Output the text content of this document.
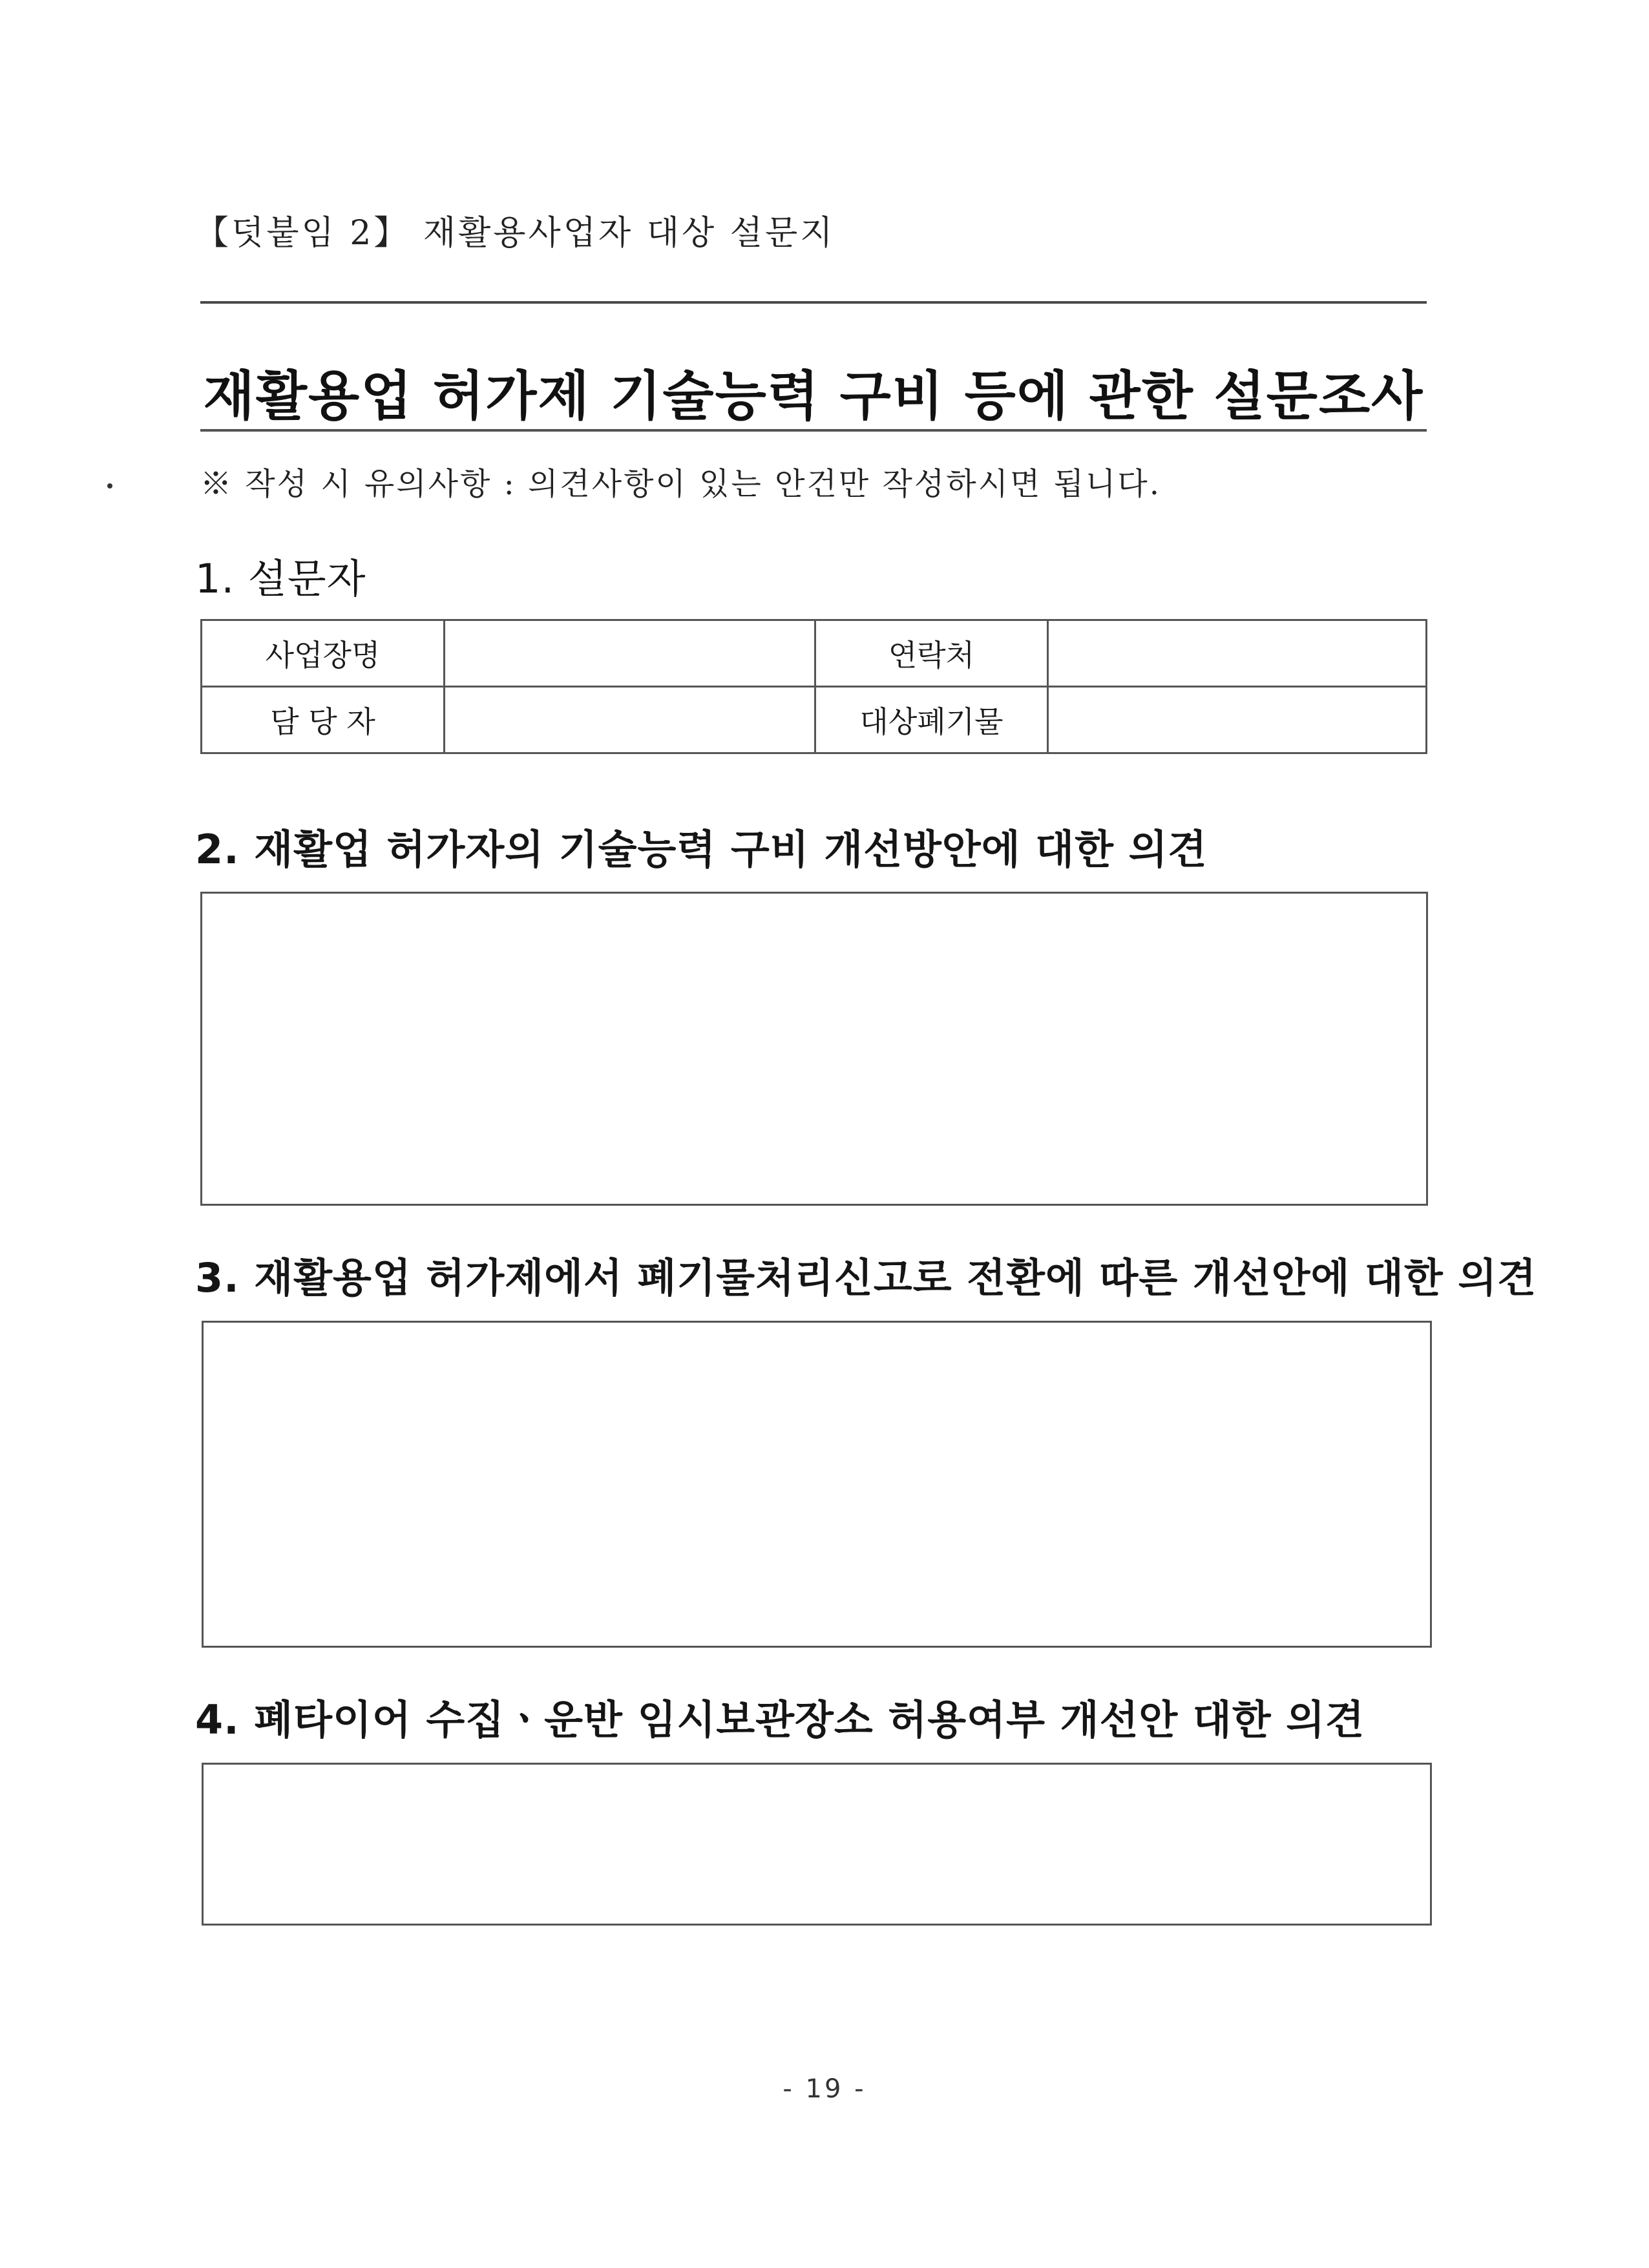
【덧붙임 2】 재활용사업자 대상 설문지
재활용업 허가제 기술능력 구비 등에 관한 설문조사
※ 작성 시 유의사항 : 의견사항이 있는 안건만 작성하시면 됩니다.
1. 설문자
사업장명		연락처	
담 당 자		대상폐기물	
2. 재활업 허가자의 기술능력 구비 개선방안에 대한 의견
3. 재활용업 허가제에서 폐기물처리신고로 전환에 따른 개선안에 대한 의견
4. 폐타이어 수집ㆍ운반 임시보관장소 허용여부 개선안 대한 의견
- 19 -
